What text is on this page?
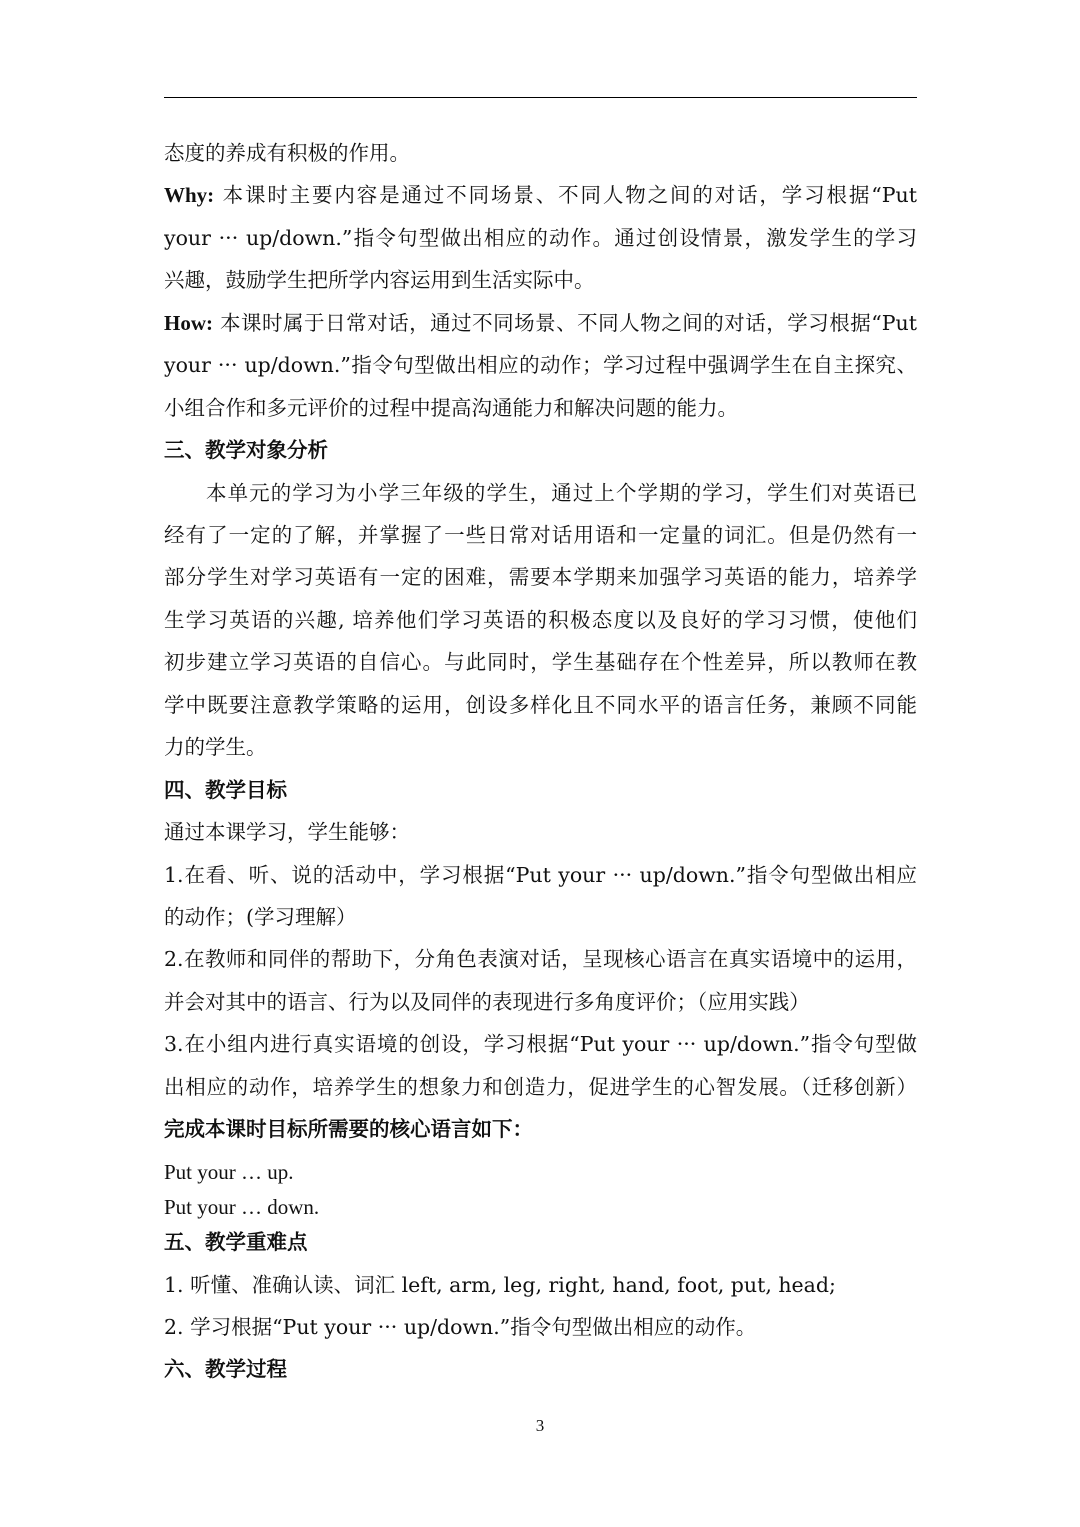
态度的养成有积极的作用。
Why: 本课时主要内容是通过不同场景、不同人物之间的对话，学习根据“Put
your ··· up/down.”指令句型做出相应的动作。通过创设情景，激发学生的学习
兴趣，鼓励学生把所学内容运用到生活实际中。
How: 本课时属于日常对话，通过不同场景、不同人物之间的对话，学习根据“Put
your ··· up/down.”指令句型做出相应的动作；学习过程中强调学生在自主探究、
小组合作和多元评价的过程中提高沟通能力和解决问题的能力。
三、教学对象分析
本单元的学习为小学三年级的学生，通过上个学期的学习，学生们对英语已
经有了一定的了解，并掌握了一些日常对话用语和一定量的词汇。但是仍然有一
部分学生对学习英语有一定的困难，需要本学期来加强学习英语的能力，培养学
生学习英语的兴趣, 培养他们学习英语的积极态度以及良好的学习习惯，使他们
初步建立学习英语的自信心。与此同时，学生基础存在个性差异，所以教师在教
学中既要注意教学策略的运用，创设多样化且不同水平的语言任务，兼顾不同能
力的学生。
四、教学目标
通过本课学习，学生能够：
1.在看、听、说的活动中，学习根据“Put your ··· up/down.”指令句型做出相应
的动作；(学习理解）
2.在教师和同伴的帮助下，分角色表演对话，呈现核心语言在真实语境中的运用，
并会对其中的语言、行为以及同伴的表现进行多角度评价；（应用实践）
3.在小组内进行真实语境的创设，学习根据“Put your ··· up/down.”指令句型做
出相应的动作，培养学生的想象力和创造力，促进学生的心智发展。（迁移创新）
完成本课时目标所需要的核心语言如下：
Put your … up.
Put your … down.
五、教学重难点
1. 听懂、准确认读、词汇 left, arm, leg, right, hand, foot, put, head;
2. 学习根据“Put your ··· up/down.”指令句型做出相应的动作。
六、教学过程
3
